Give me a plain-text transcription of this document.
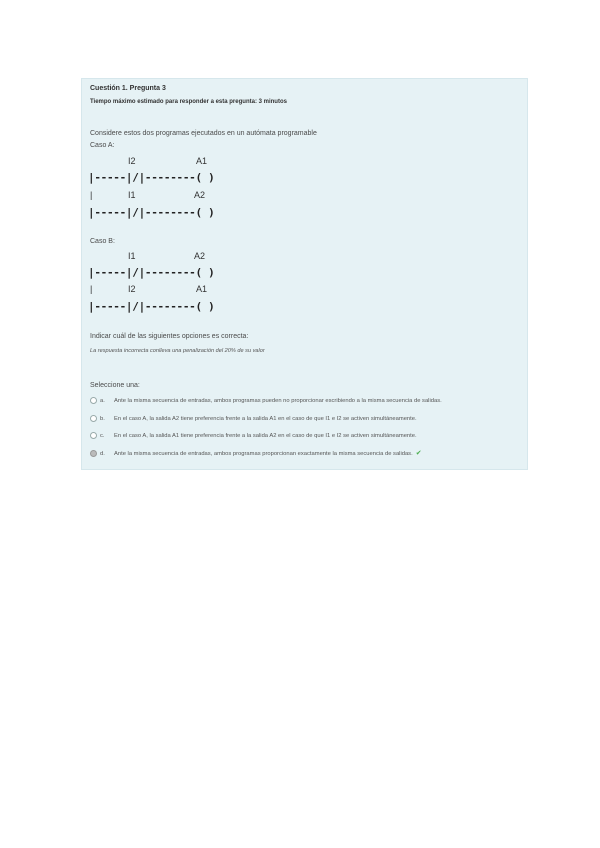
Cuestión 1. Pregunta 3
Tiempo máximo estimado para responder a esta pregunta: 3 minutos
Considere estos dos programas ejecutados en un autómata programable
Caso A:
I2	A1
|-----|/|--------( )
|	I1	A2
|-----|/|--------( )
Caso B:
I1	A2
|-----|/|--------( )
|	I2	A1
|-----|/|--------( )
Indicar cuál de las siguientes opciones es correcta:
La respuesta incorrecta conlleva una penalización del 20% de su valor
Seleccione una:
a. Ante la misma secuencia de entradas, ambos programas pueden no proporcionar escribiendo a la misma secuencia de salidas.
b. En el caso A, la salida A2 tiene preferencia frente a la salida A1 en el caso de que I1 e I2 se activen simultáneamente.
c. En el caso A, la salida A1 tiene preferencia frente a la salida A2 en el caso de que I1 e I2 se activen simultáneamente.
d. Ante la misma secuencia de entradas, ambos programas proporcionan exactamente la misma secuencia de salidas. ✔
